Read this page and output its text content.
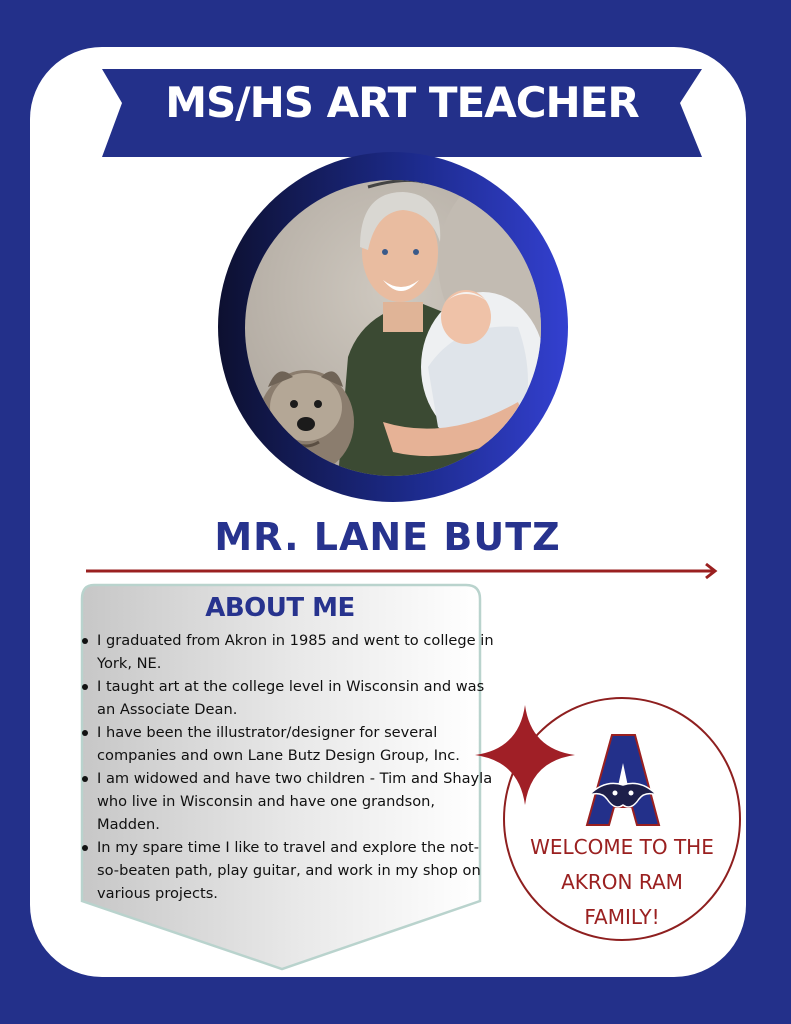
MS/HS ART TEACHER
MR. LANE BUTZ
ABOUT ME
I graduated from Akron in 1985 and went to college in York, NE.
I taught art at the college level in Wisconsin and was an Associate Dean.
I have been the illustrator/designer for several companies and own Lane Butz Design Group, Inc.
I am widowed and have two children - Tim and Shayla who live in Wisconsin and have one grandson, Madden.
In my spare time I like to travel and explore the not-so-beaten path, play guitar, and work in my shop on various projects.
WELCOME TO THE
AKRON RAM
FAMILY!
